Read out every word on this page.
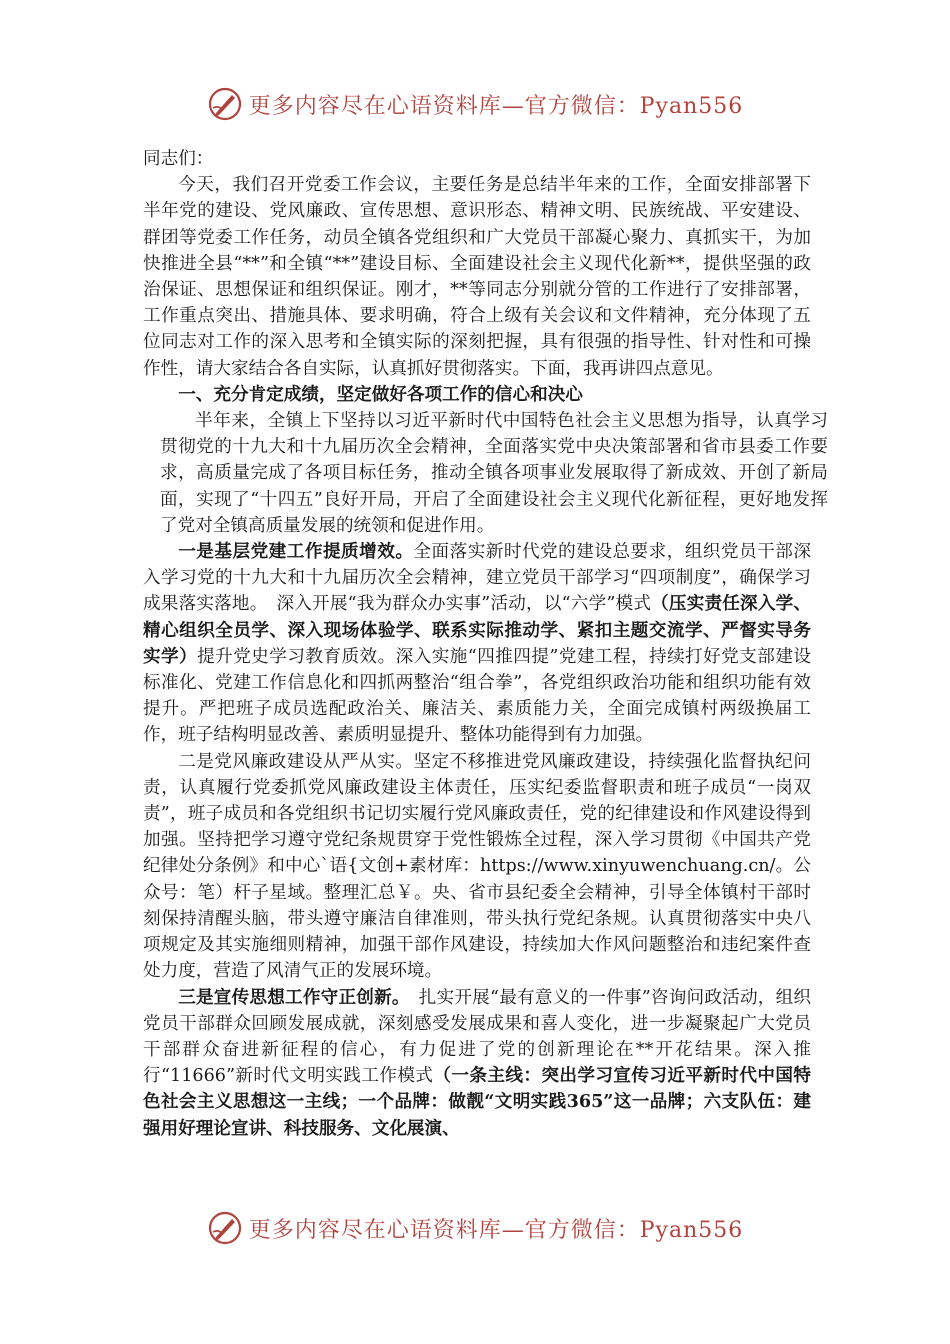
更多内容尽在心语资料库—官方微信：Pyan556

同志们：

今天，我们召开党委工作会议，主要任务是总结半年来的工作，全面安排部署下半年党的建设、党风廉政、宣传思想、意识形态、精神文明、民族统战、平安建设、群团等党委工作任务，动员全镇各党组织和广大党员干部凝心聚力、真抓实干，为加快推进全县“**”和全镇“**”建设目标、全面建设社会主义现代化新**，提供坚强的政治保证、思想保证和组织保证。刚才，**等同志分别就分管的工作进行了安排部署，工作重点突出、措施具体、要求明确，符合上级有关会议和文件精神，充分体现了五位同志对工作的深入思考和全镇实际的深刻把握，具有很强的指导性、针对性和可操作性，请大家结合各自实际，认真抓好贯彻落实。下面，我再讲四点意见。

一、充分肯定成绩，坚定做好各项工作的信心和决心

半年来，全镇上下坚持以习近平新时代中国特色社会主义思想为指导，认真学习贯彻党的十九大和十九届历次全会精神，全面落实党中央决策部署和省市县委工作要求，高质量完成了各项目标任务，推动全镇各项事业发展取得了新成效、开创了新局面，实现了“十四五”良好开局，开启了全面建设社会主义现代化新征程，更好地发挥了党对全镇高质量发展的统领和促进作用。

一是基层党建工作提质增效。全面落实新时代党的建设总要求，组织党员干部深入学习党的十九大和十九届历次全会精神，建立党员干部学习“四项制度”，确保学习成果落实落地。　深入开展“我为群众办实事”活动，以“六学”模式（压实责任深入学、精心组织全员学、深入现场体验学、联系实际推动学、紧扣主题交流学、严督实导务实学）提升党史学习教育质效。深入实施“四推四提”党建工程，持续打好党支部建设标准化、党建工作信息化和四抓两整治“组合拳”，各党组织政治功能和组织功能有效提升。严把班子成员选配政治关、廉洁关、素质能力关，全面完成镇村两级换届工作，班子结构明显改善、素质明显提升、整体功能得到有力加强。

二是党风廉政建设从严从实。坚定不移推进党风廉政建设，持续强化监督执纪问责，认真履行党委抓党风廉政建设主体责任，压实纪委监督职责和班子成员“一岗双责”，班子成员和各党组织书记切实履行党风廉政责任，党的纪律建设和作风建设得到加强。坚持把学习遵守党纪条规贯穿于党性锻炼全过程，深入学习贯彻《中国共产党纪律处分条例》和中心`语{文创+素材库：https://www.xinyuwenchuang.cn/。公众号：笔）杆子星域。整理汇总￥。央、省市县纪委全会精神，引导全体镇村干部时刻保持清醒头脑，带头遵守廉洁自律准则，带头执行党纪条规。认真贯彻落实中央八项规定及其实施细则精神，加强干部作风建设，持续加大作风问题整治和违纪案件查处力度，营造了风清气正的发展环境。

三是宣传思想工作守正创新。　扎实开展“最有意义的一件事”咨询问政活动，组织党员干部群众回顾发展成就，深刻感受发展成果和喜人变化，进一步凝聚起广大党员干部群众奋进新征程的信心，有力促进了党的创新理论在**开花结果。深入推行“11666”新时代文明实践工作模式（一条主线：突出学习宣传习近平新时代中国特色社会主义思想这一主线；一个品牌：做靓“文明实践365”这一品牌；六支队伍：建强用好理论宣讲、科技服务、文化展演、

更多内容尽在心语资料库—官方微信：Pyan556
